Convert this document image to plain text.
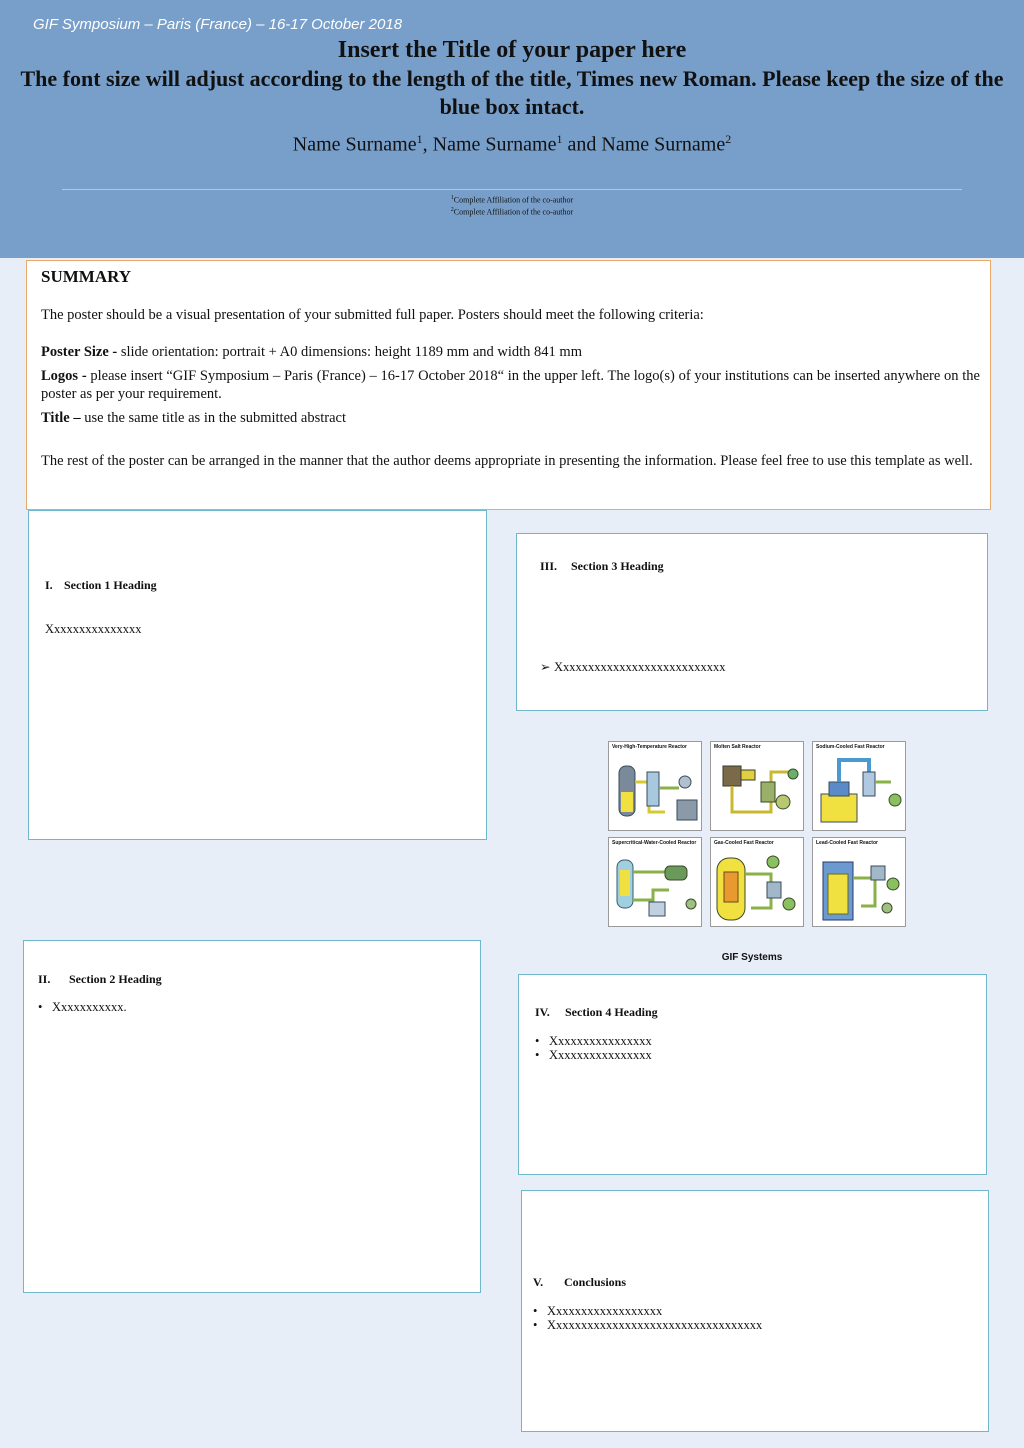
GIF Symposium – Paris (France) – 16-17 October 2018
Insert the Title of your paper here
The font size will adjust according to the length of the title, Times new Roman. Please keep the size of the blue box intact.
Name Surname$^1$, Name Surname$^1$ and Name Surname$^2$
$^1$Complete Affiliation of the co-author
$^2$Complete Affiliation of the co-author
SUMMARY
The poster should be a visual presentation of your submitted full paper. Posters should meet the following criteria:
Poster Size - slide orientation: portrait + A0 dimensions: height 1189 mm and width 841 mm
Logos - please insert “GIF Symposium – Paris (France) – 16-17 October 2018“ in the upper left. The logo(s) of your institutions can be inserted anywhere on the poster as per your requirement.
Title – use the same title as in the submitted abstract
The rest of the poster can be arranged in the manner that the author deems appropriate in presenting the information. Please feel free to use this template as well.
I. Section 1 Heading
Xxxxxxxxxxxxxxx
III. Section 3 Heading
➢ Xxxxxxxxxxxxxxxxxxxxxxxxxxx
Very-High-Temperature Reactor	Molten Salt Reactor	Sodium-Cooled Fast Reactor
Supercritical-Water-Cooled Reactor	Gas-Cooled Fast Reactor	Lead-Cooled Fast Reactor
GIF Systems
II. Section 2 Heading
• Xxxxxxxxxxx.	IV. Section 4 Heading
• Xxxxxxxxxxxxxxxx
• Xxxxxxxxxxxxxxxx
V. Conclusions
• Xxxxxxxxxxxxxxxxxx
• Xxxxxxxxxxxxxxxxxxxxxxxxxxxxxxxxxx
